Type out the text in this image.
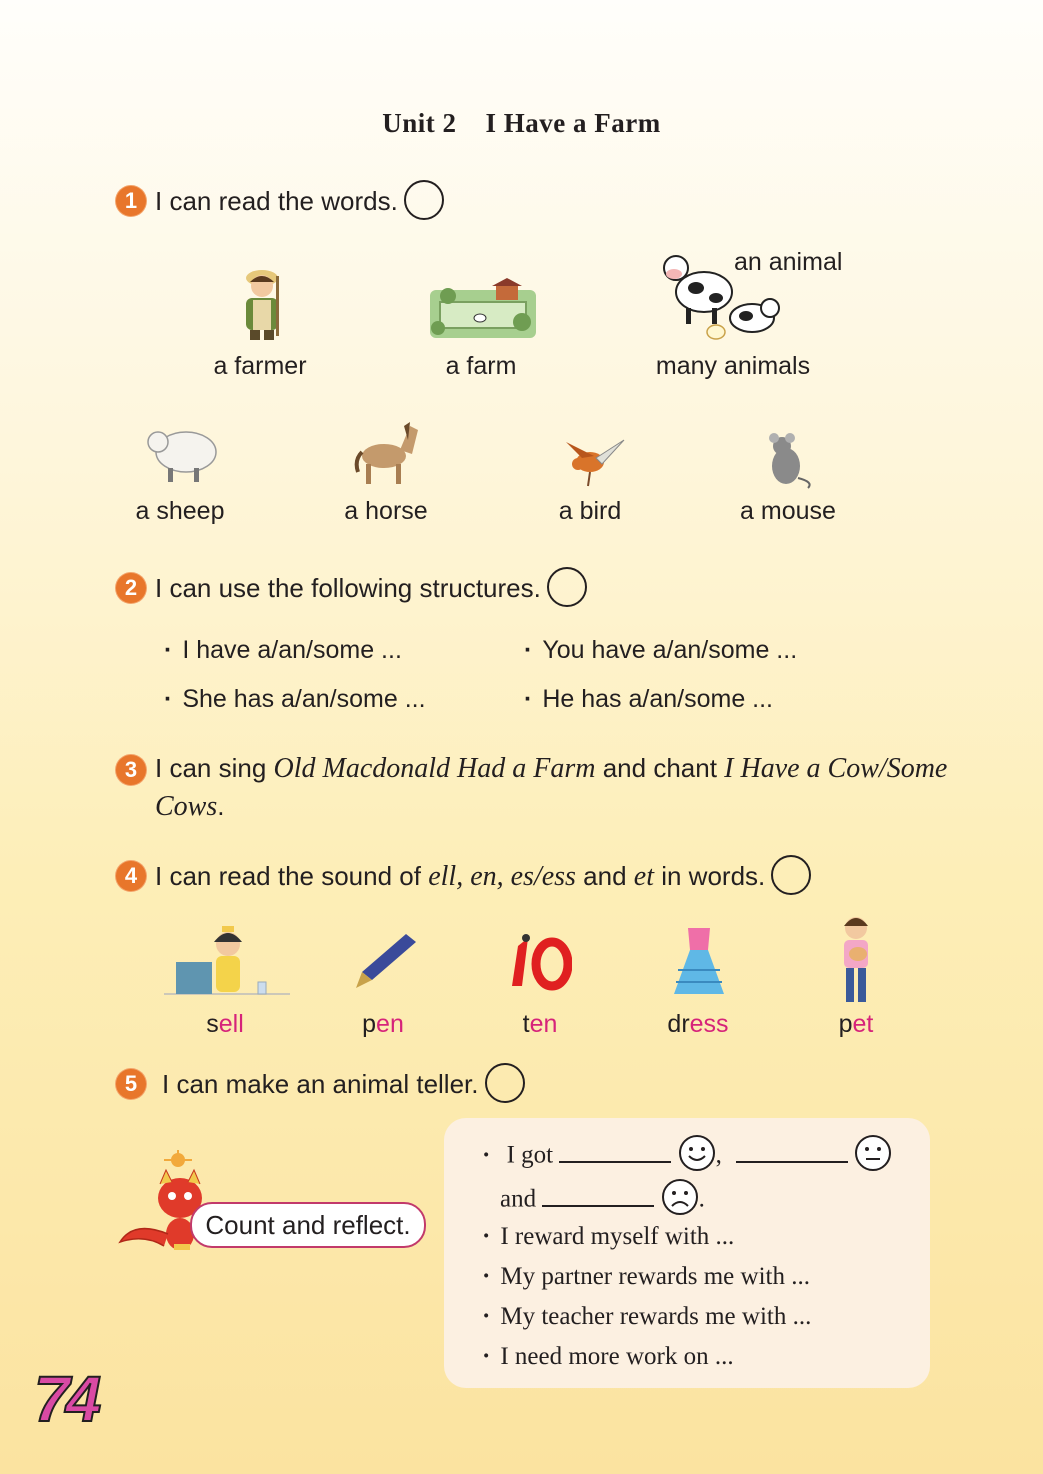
Unit 2 I Have a Farm
1 I can read the words.
an animal
a farmer	a farm	many animals
a sheep	a horse	a bird	a mouse
2 I can use the following structures.
· I have a/an/some ...	· You have a/an/some ...
· She has a/an/some ...	· He has a/an/some ...
3 I can sing Old Macdonald Had a Farm and chant I Have a Cow/Some
Cows.
4 I can read the sound of ell, en, es/ess and et in words.
sell	pen	ten	dress	pet
5 I can make an animal teller.
Count and reflect.
· I got	,
and	.
· I reward myself with ...
· My partner rewards me with ...
· My teacher rewards me with ...
· I need more work on ...
74
